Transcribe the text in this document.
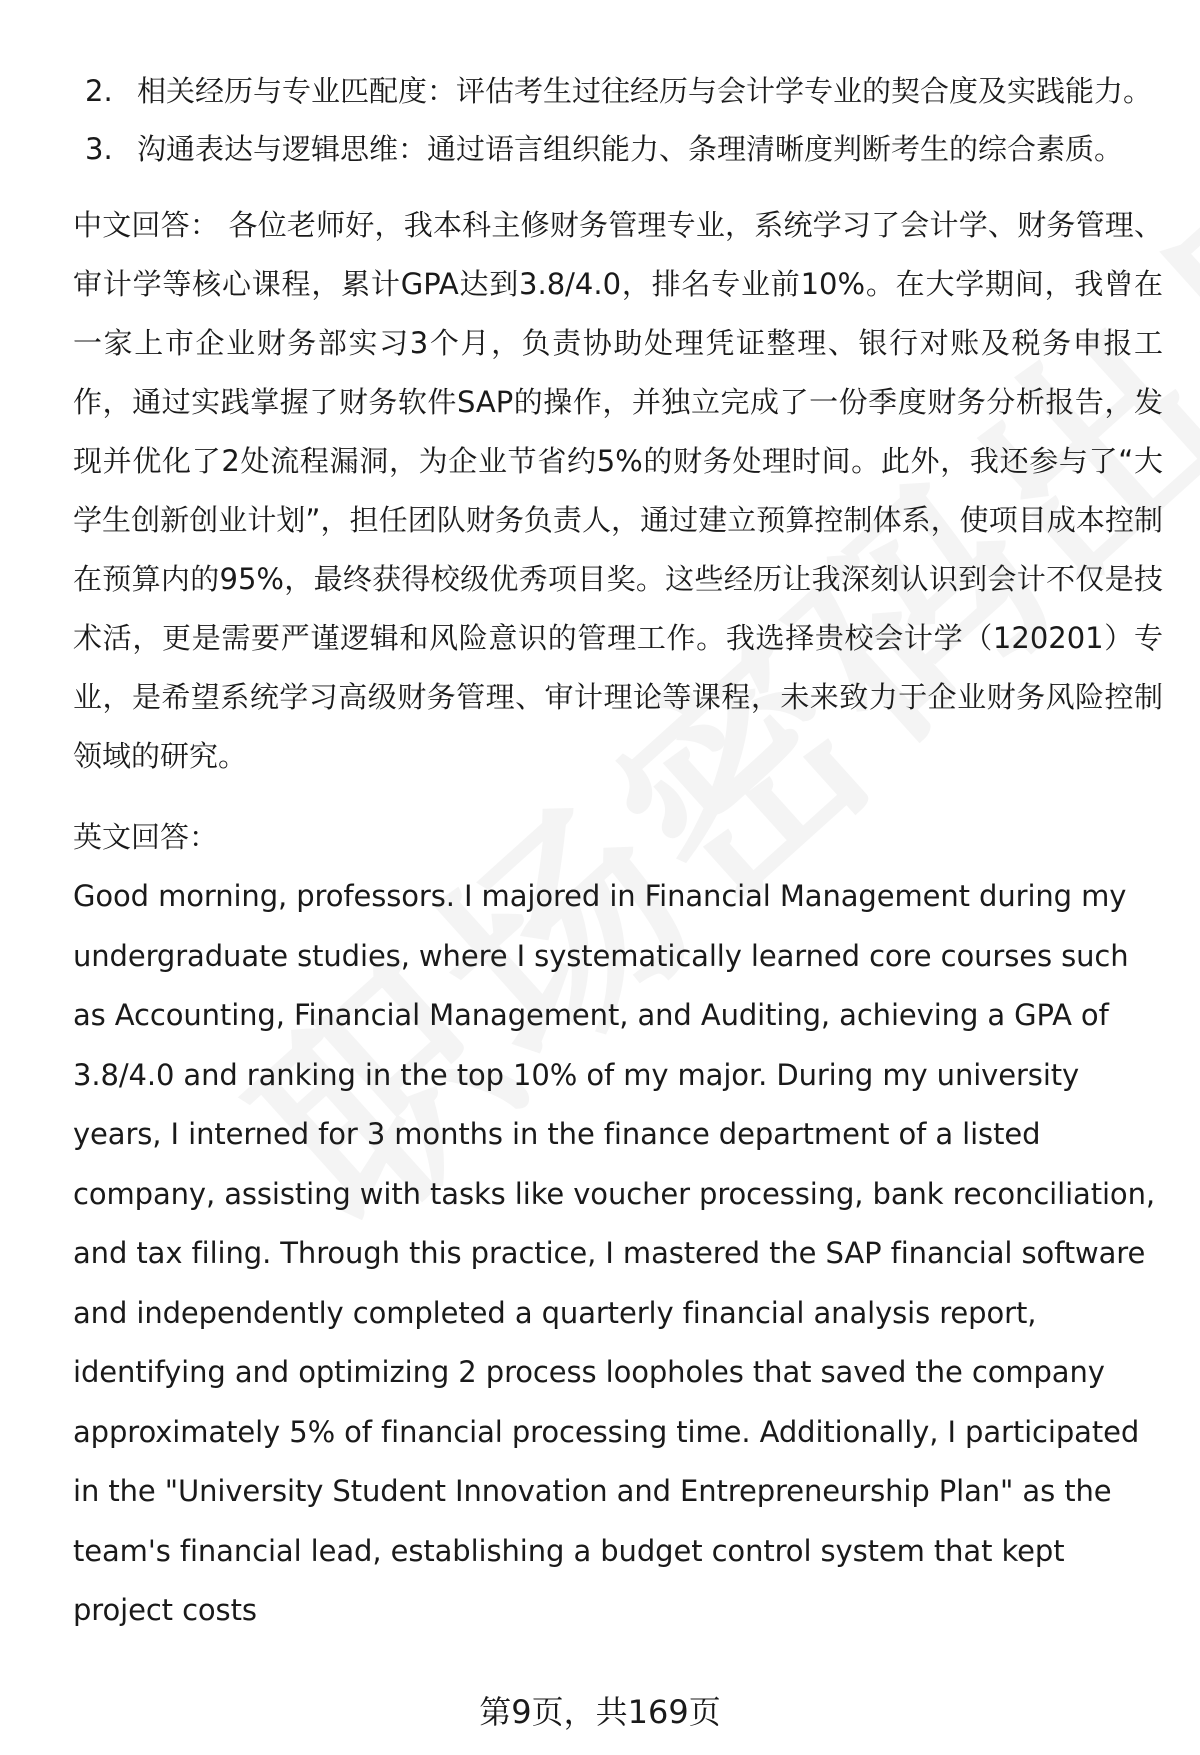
2. 相关经历与专业匹配度：评估考生过往经历与会计学专业的契合度及实践能力。
3. 沟通表达与逻辑思维：通过语言组织能力、条理清晰度判断考生的综合素质。

中文回答： 各位老师好，我本科主修财务管理专业，系统学习了会计学、财务管理、审计学等核心课程，累计GPA达到3.8/4.0，排名专业前10%。在大学期间，我曾在一家上市企业财务部实习3个月，负责协助处理凭证整理、银行对账及税务申报工作，通过实践掌握了财务软件SAP的操作，并独立完成了一份季度财务分析报告，发现并优化了2处流程漏洞，为企业节省约5%的财务处理时间。此外，我还参与了“大学生创新创业计划”，担任团队财务负责人，通过建立预算控制体系，使项目成本控制在预算内的95%，最终获得校级优秀项目奖。这些经历让我深刻认识到会计不仅是技术活，更是需要严谨逻辑和风险意识的管理工作。我选择贵校会计学（120201）专业，是希望系统学习高级财务管理、审计理论等课程，未来致力于企业财务风险控制领域的研究。

英文回答：

Good morning, professors. I majored in Financial Management during my undergraduate studies, where I systematically learned core courses such as Accounting, Financial Management, and Auditing, achieving a GPA of 3.8/4.0 and ranking in the top 10% of my major. During my university years, I interned for 3 months in the finance department of a listed company, assisting with tasks like voucher processing, bank reconciliation, and tax filing. Through this practice, I mastered the SAP financial software and independently completed a quarterly financial analysis report, identifying and optimizing 2 process loopholes that saved the company approximately 5% of financial processing time. Additionally, I participated in the "University Student Innovation and Entrepreneurship Plan" as the team's financial lead, establishing a budget control system that kept project costs

第9页，共169页
